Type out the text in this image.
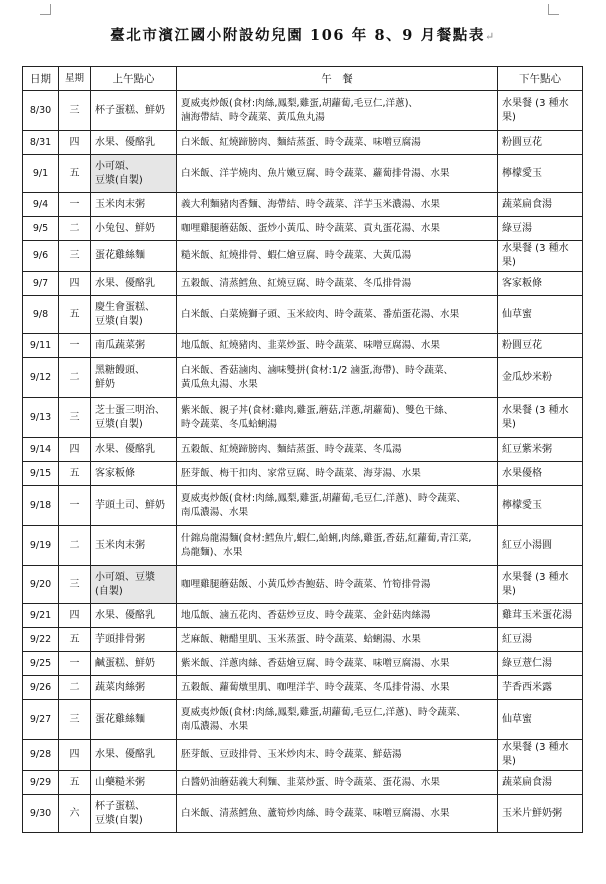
臺北市濱江國小附設幼兒園 106 年 8、9 月餐點表↵
日期	星期	上午點心	午　餐	下午點心
8/30	三	杯子蛋糕、鮮奶	夏威夷炒飯(食材:肉絲,鳳梨,雞蛋,胡蘿蔔,毛豆仁,洋蔥)、
滷海帶結、時令蔬菜、黃瓜魚丸湯	水果餐 (3 種水果)
8/31	四	水果、優酪乳	白米飯、紅燒蹄膀肉、麵結蒸蛋、時令蔬菜、味噌豆腐湯	粉圓豆花
9/1	五	小可頌、
豆漿(自製)	白米飯、洋芋燒肉、魚片嫩豆腐、時令蔬菜、蘿蔔排骨湯、水果	檸檬愛玉
9/4	一	玉米肉末粥	義大利麵豬肉香麵、海帶結、時令蔬菜、洋芋玉米濃湯、水果	蔬菜扁食湯
9/5	二	小兔包、鮮奶	咖哩雞腿蘑菇飯、蛋炒小黃瓜、時令蔬菜、貢丸蛋花湯、水果	綠豆湯
9/6	三	蛋花雞絲麵	糙米飯、紅燒排骨、蝦仁燴豆腐、時令蔬菜、大黃瓜湯	水果餐 (3 種水果)
9/7	四	水果、優酪乳	五穀飯、清蒸鱈魚、紅燒豆腐、時令蔬菜、冬瓜排骨湯	客家粄條
9/8	五	慶生會蛋糕、
豆漿(自製)	白米飯、白菜燒獅子頭、玉米絞肉、時令蔬菜、番茄蛋花湯、水果	仙草蜜
9/11	一	南瓜蔬菜粥	地瓜飯、紅燒豬肉、韭菜炒蛋、時令蔬菜、味噌豆腐湯、水果	粉圓豆花
9/12	二	黑糖饅頭、
鮮奶	白米飯、香菇滷肉、滷味雙拼(食材:1/2 滷蛋,海帶)、時令蔬菜、
黃瓜魚丸湯、水果	金瓜炒米粉
9/13	三	芝士蛋三明治、
豆漿(自製)	紫米飯、親子丼(食材:雞肉,雞蛋,蘑菇,洋蔥,胡蘿蔔)、雙色干絲、
時令蔬菜、冬瓜蛤蜊湯	水果餐 (3 種水果)
9/14	四	水果、優酪乳	五穀飯、紅燒蹄膀肉、麵結蒸蛋、時令蔬菜、冬瓜湯	紅豆紫米粥
9/15	五	客家粄條	胚芽飯、梅干扣肉、家常豆腐、時令蔬菜、海芽湯、水果	水果優格
9/18	一	芋頭土司、鮮奶	夏威夷炒飯(食材:肉絲,鳳梨,雞蛋,胡蘿蔔,毛豆仁,洋蔥)、時令蔬菜、
南瓜濃湯、水果	檸檬愛玉
9/19	二	玉米肉末粥	什錦烏龍湯麵(食材:鱈魚片,蝦仁,蛤蜊,肉絲,雞蛋,香菇,紅蘿蔔,青江菜,
烏龍麵)、水果	紅豆小湯圓
9/20	三	小可頌、豆漿
(自製)	咖哩雞腿蘑菇飯、小黃瓜炒杏鮑菇、時令蔬菜、竹筍排骨湯	水果餐 (3 種水果)
9/21	四	水果、優酪乳	地瓜飯、滷五花肉、香菇炒豆皮、時令蔬菜、金針菇肉絲湯	雞茸玉米蛋花湯
9/22	五	芋頭排骨粥	芝麻飯、糖醋里肌、玉米蒸蛋、時令蔬菜、蛤蜊湯、水果	紅豆湯
9/25	一	鹹蛋糕、鮮奶	紫米飯、洋蔥肉絲、香菇燴豆腐、時令蔬菜、味噌豆腐湯、水果	綠豆薏仁湯
9/26	二	蔬菜肉絲粥	五穀飯、蘿蔔燉里肌、咖哩洋芋、時令蔬菜、冬瓜排骨湯、水果	芋香西米露
9/27	三	蛋花雞絲麵	夏威夷炒飯(食材:肉絲,鳳梨,雞蛋,胡蘿蔔,毛豆仁,洋蔥)、時令蔬菜、
南瓜濃湯、水果	仙草蜜
9/28	四	水果、優酪乳	胚芽飯、豆豉排骨、玉米炒肉末、時令蔬菜、鮮菇湯	水果餐 (3 種水果)
9/29	五	山藥糙米粥	白醬奶油蘑菇義大利麵、韭菜炒蛋、時令蔬菜、蛋花湯、水果	蔬菜扁食湯
9/30	六	杯子蛋糕、
豆漿(自製)	白米飯、清蒸鱈魚、蘆筍炒肉絲、時令蔬菜、味噌豆腐湯、水果	玉米片鮮奶粥
